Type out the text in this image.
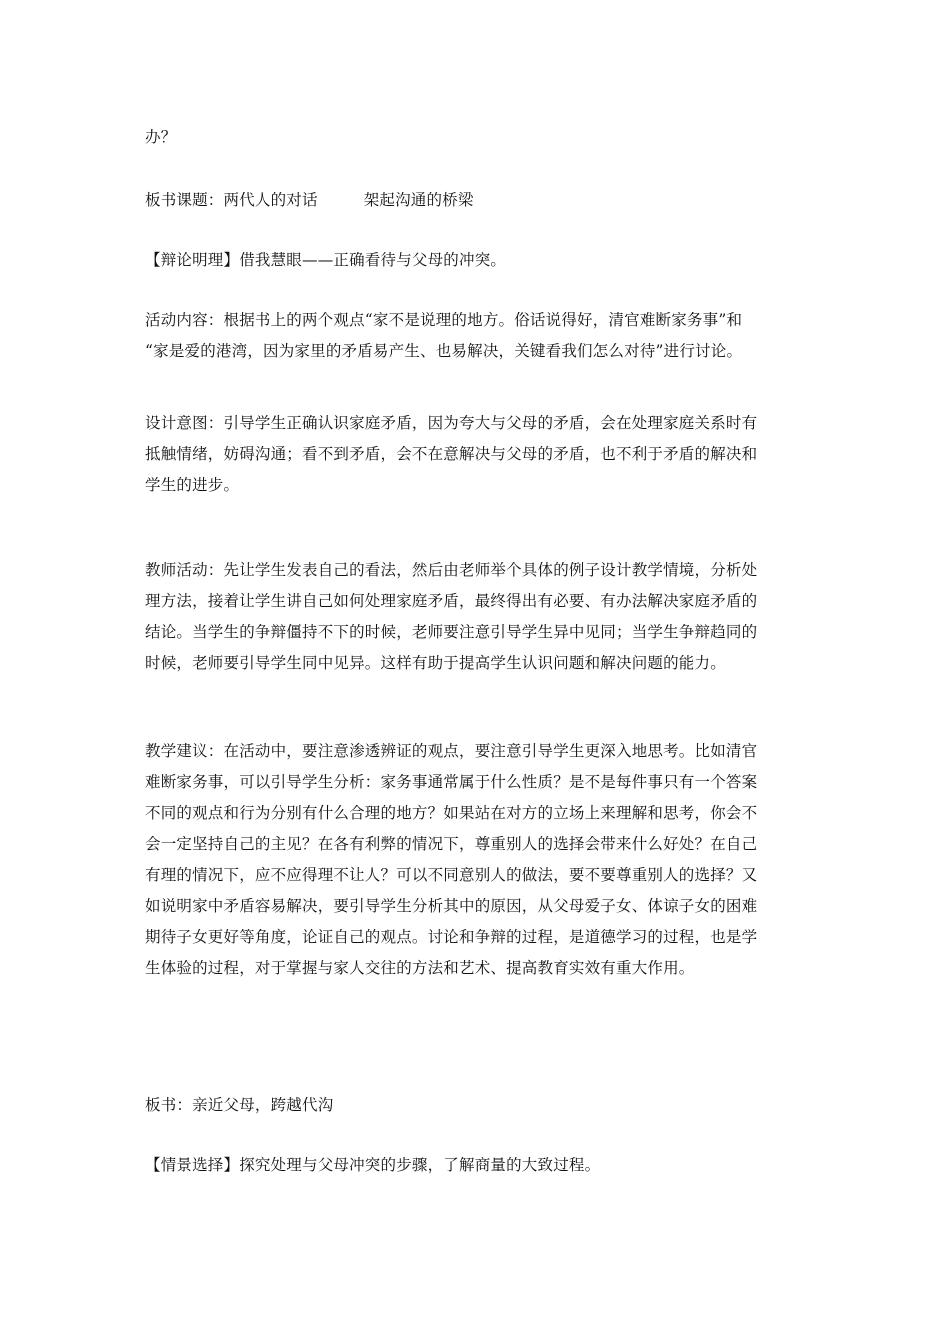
办？
板书课题：两代人的对话	架起沟通的桥梁
【辩论明理】借我慧眼——正确看待与父母的冲突。
活动内容：根据书上的两个观点“家不是说理的地方。俗话说得好，清官难断家务事”和
“家是爱的港湾，因为家里的矛盾易产生、也易解决，关键看我们怎么对待”进行讨论。
设计意图：引导学生正确认识家庭矛盾，因为夸大与父母的矛盾，会在处理家庭关系时有
抵触情绪，妨碍沟通；看不到矛盾，会不在意解决与父母的矛盾，也不利于矛盾的解决和
学生的进步。
教师活动：先让学生发表自己的看法，然后由老师举个具体的例子设计教学情境，分析处
理方法，接着让学生讲自己如何处理家庭矛盾，最终得出有必要、有办法解决家庭矛盾的
结论。当学生的争辩僵持不下的时候，老师要注意引导学生异中见同；当学生争辩趋同的
时候，老师要引导学生同中见异。这样有助于提高学生认识问题和解决问题的能力。
教学建议：在活动中，要注意渗透辨证的观点，要注意引导学生更深入地思考。比如清官
难断家务事，可以引导学生分析：家务事通常属于什么性质？是不是每件事只有一个答案
不同的观点和行为分别有什么合理的地方？如果站在对方的立场上来理解和思考，你会不
会一定坚持自己的主见？在各有利弊的情况下，尊重别人的选择会带来什么好处？在自己
有理的情况下，应不应得理不让人？可以不同意别人的做法，要不要尊重别人的选择？又
如说明家中矛盾容易解决，要引导学生分析其中的原因，从父母爱子女、体谅子女的困难
期待子女更好等角度，论证自己的观点。讨论和争辩的过程，是道德学习的过程，也是学
生体验的过程，对于掌握与家人交往的方法和艺术、提高教育实效有重大作用。
板书：亲近父母，跨越代沟
【情景选择】探究处理与父母冲突的步骤，了解商量的大致过程。
